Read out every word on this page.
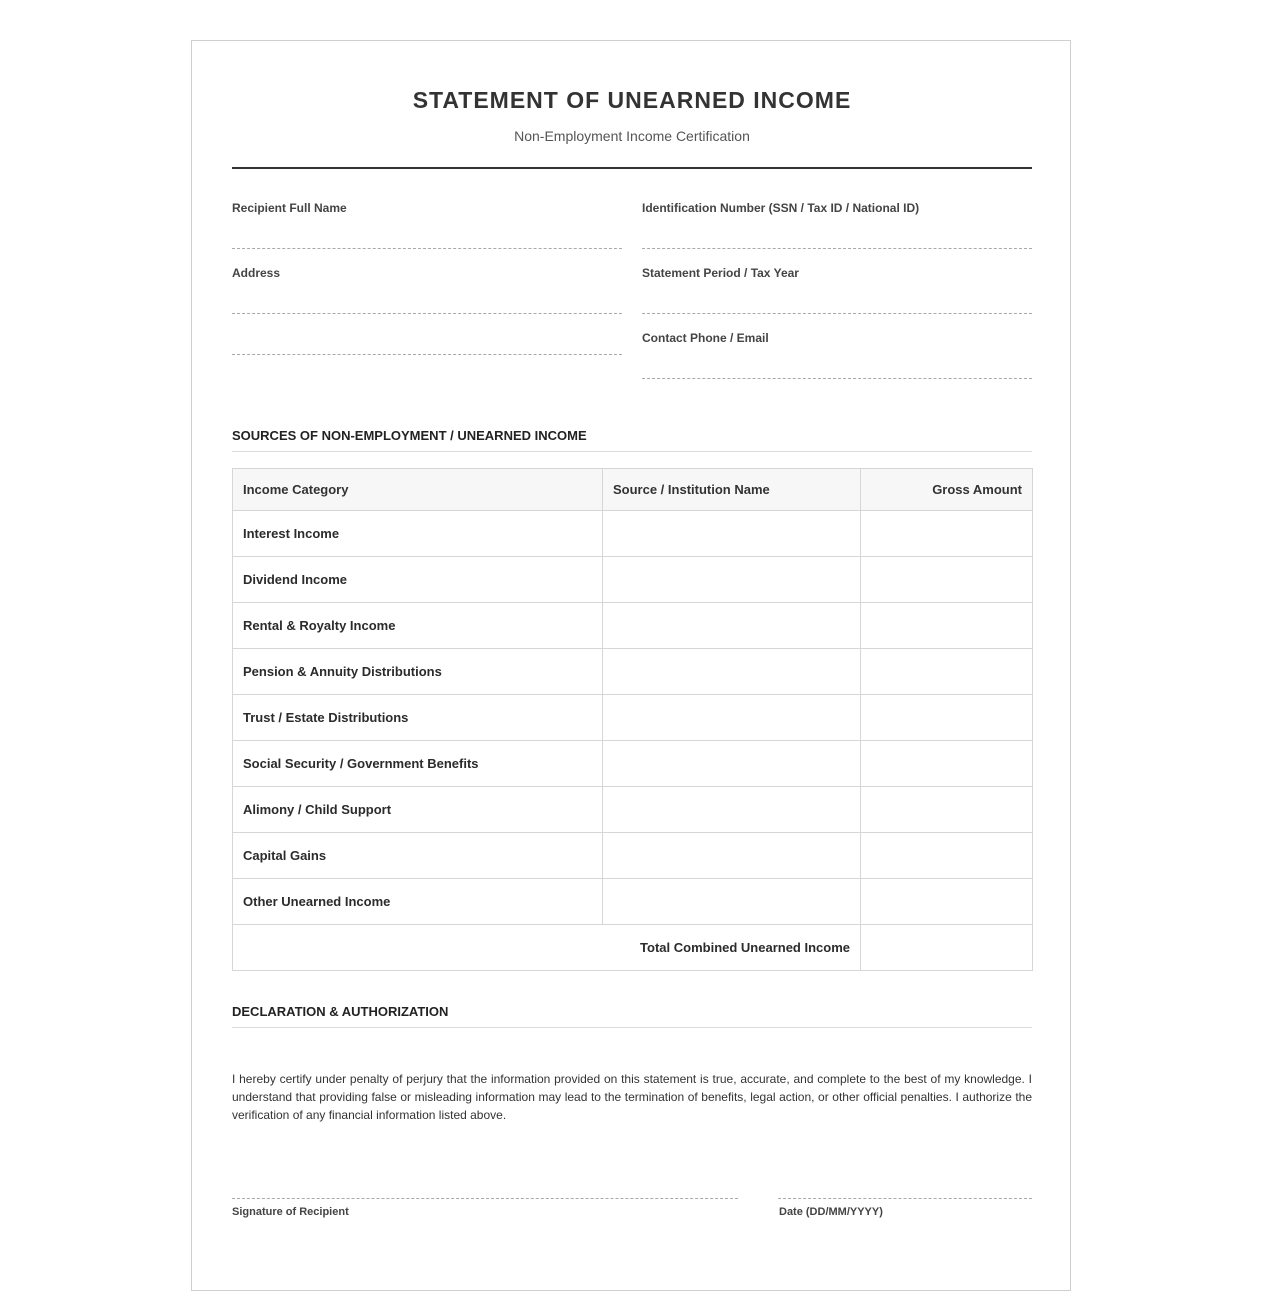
STATEMENT OF UNEARNED INCOME
Non-Employment Income Certification
Recipient Full Name
Address
Identification Number (SSN / Tax ID / National ID)
Statement Period / Tax Year
Contact Phone / Email
SOURCES OF NON-EMPLOYMENT / UNEARNED INCOME
Income Category	Source / Institution Name	Gross Amount
Interest Income		
Dividend Income		
Rental & Royalty Income		
Pension & Annuity Distributions		
Trust / Estate Distributions		
Social Security / Government Benefits		
Alimony / Child Support		
Capital Gains		
Other Unearned Income		
Total Combined Unearned Income		
DECLARATION & AUTHORIZATION
I hereby certify under penalty of perjury that the information provided on this statement is true, accurate, and complete to the best of my knowledge. I understand that providing false or misleading information may lead to the termination of benefits, legal action, or other official penalties. I authorize the verification of any financial information listed above.
Signature of Recipient	Date (DD/MM/YYYY)
